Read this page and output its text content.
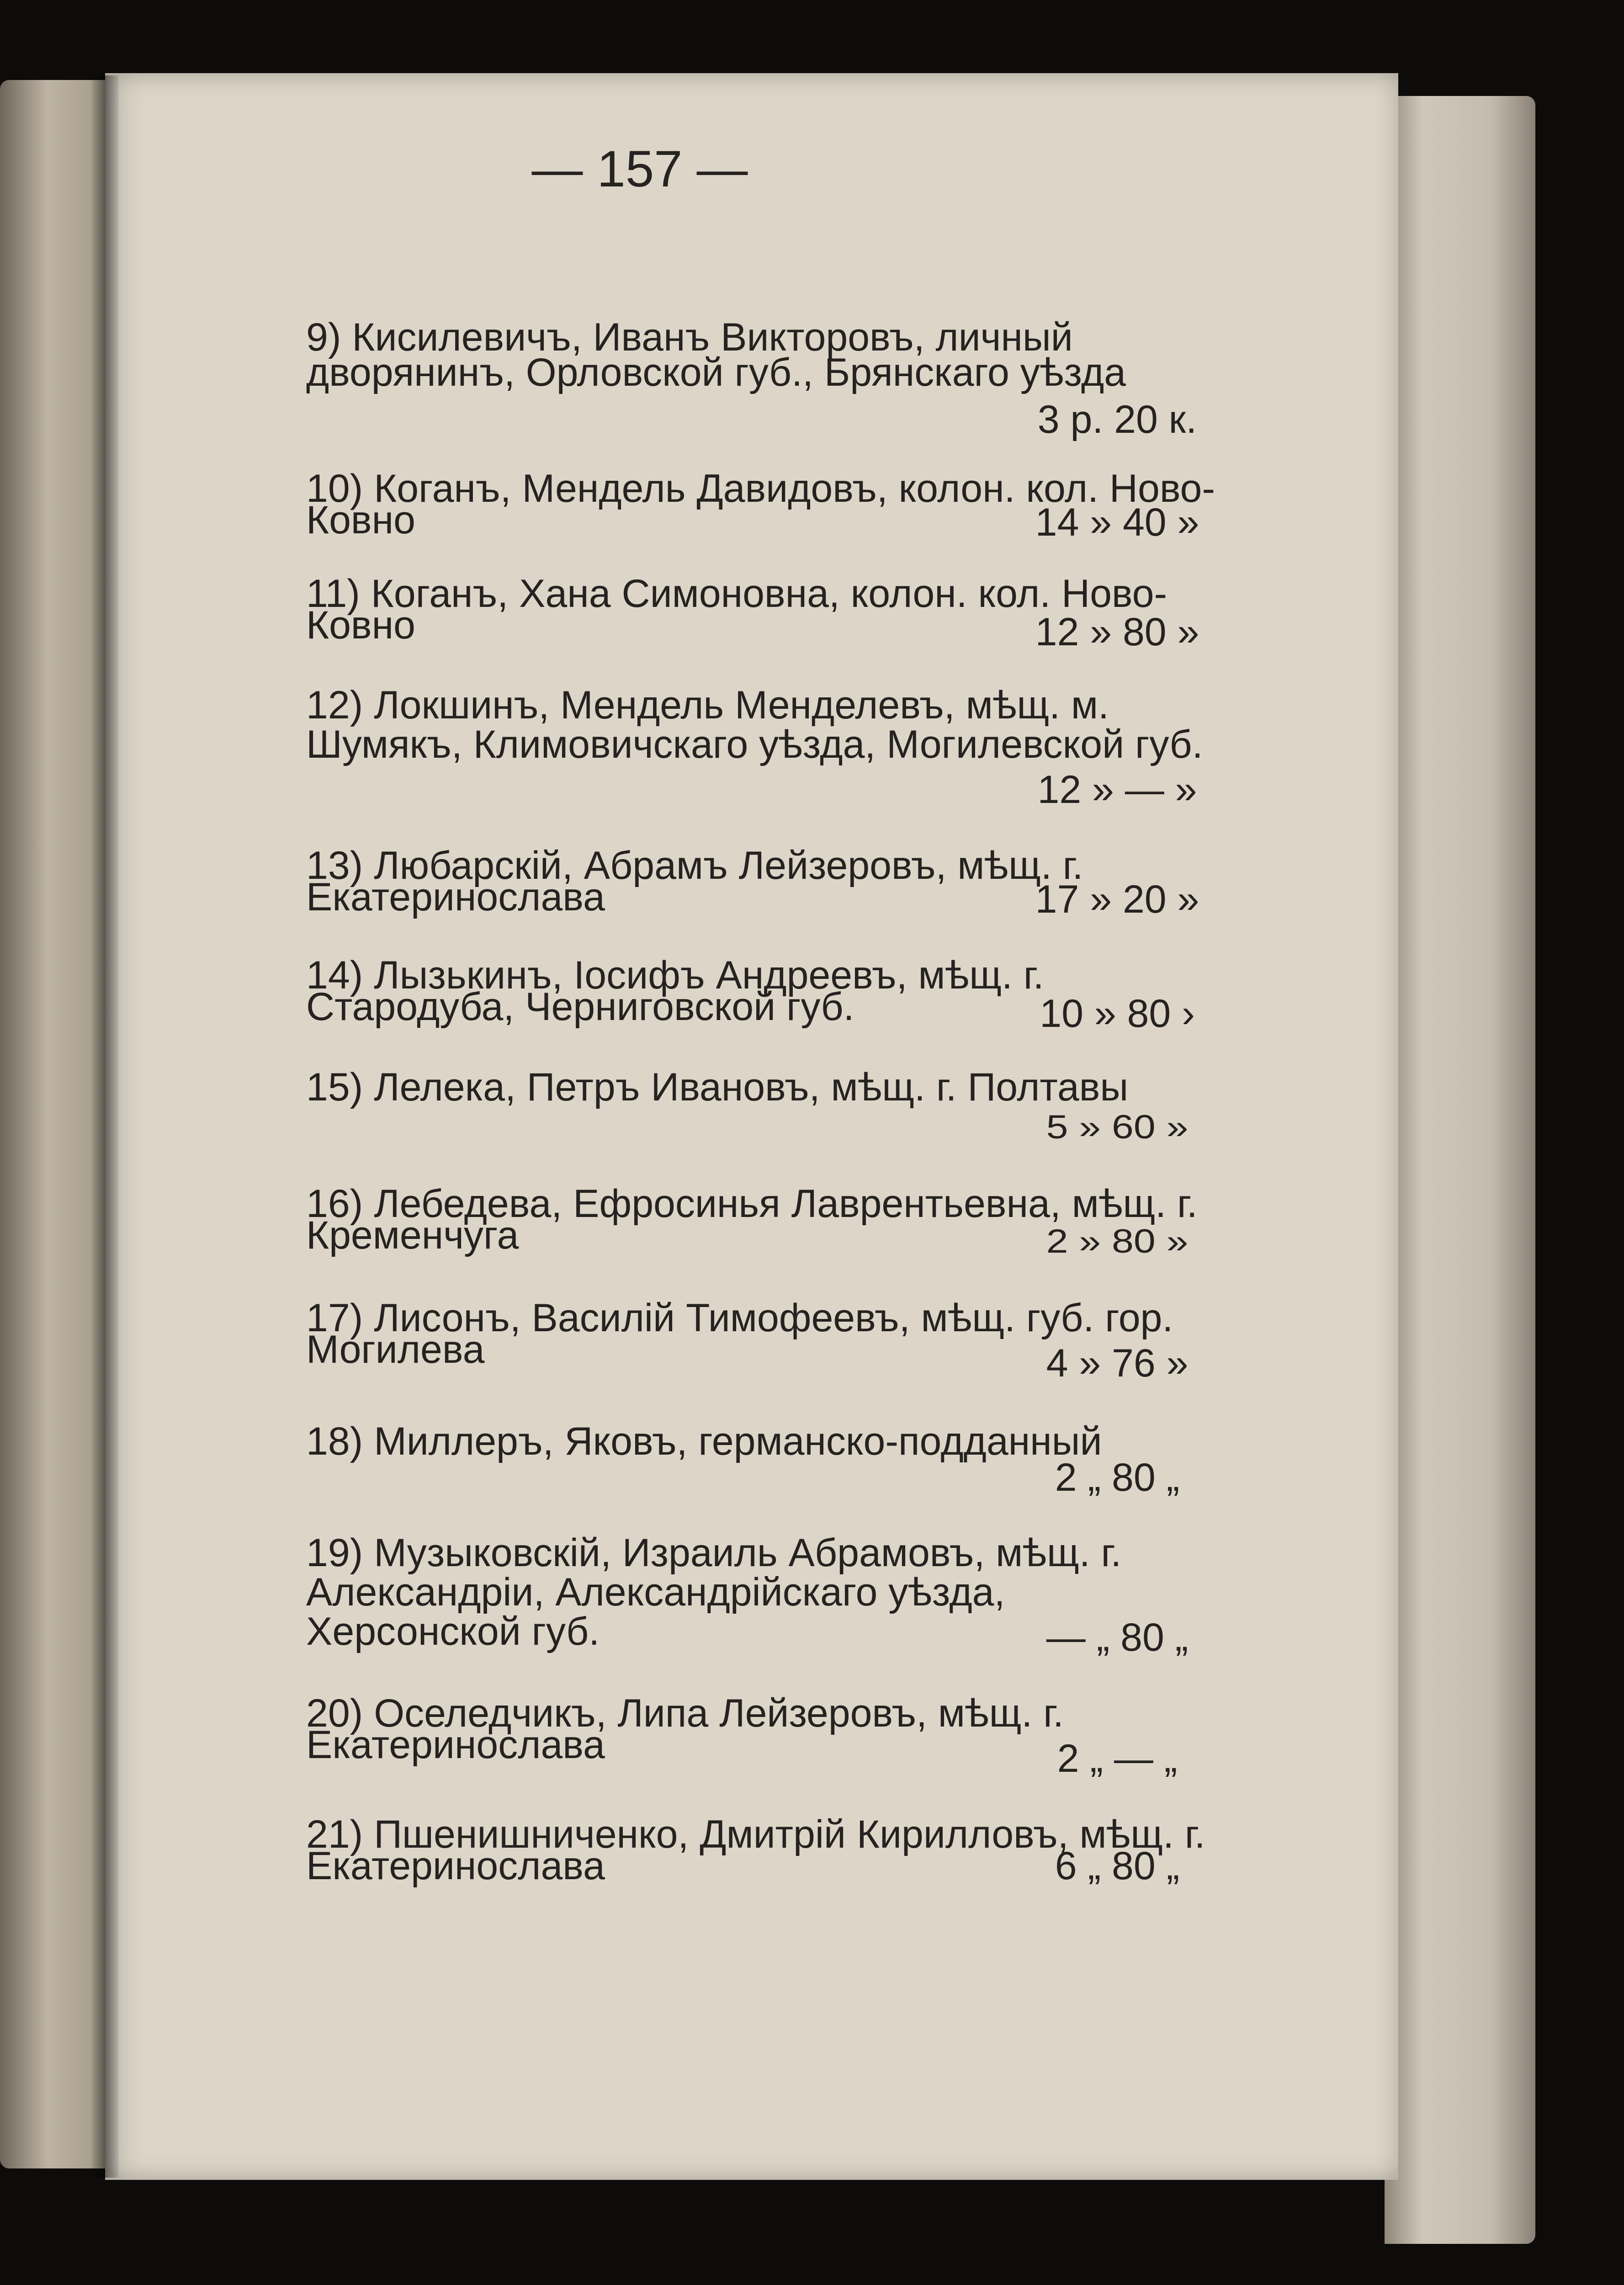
— 157 —
9) Кисилевичъ, Иванъ Викторовъ, личный дворянинъ, Орловской губ., Брянскаго уѣзда
3 р. 20 к.
10) Коганъ, Мендель Давидовъ, колон. кол. Ново-Ковно	14 » 40 »
11) Коганъ, Хана Симоновна, колон. кол. Ново-Ковно	12 » 80 »
12) Локшинъ, Мендель Менделевъ, мѣщ. м. Шумякъ, Климовичскаго уѣзда, Могилевской губ.
12 » — »
13) Любарскій, Абрамъ Лейзеровъ, мѣщ. г. Екатеринослава	17 » 20 »
14) Лызькинъ, Іосифъ Андреевъ, мѣщ. г. Стародуба, Черниговской губ.	10 » 80 ›
15) Лелека, Петръ Ивановъ, мѣщ. г. Полтавы
5 » 60 »
16) Лебедева, Ефросинья Лаврентьевна, мѣщ. г. Кременчуга	2 » 80 »
17) Лисонъ, Василій Тимофеевъ, мѣщ. губ. гор. Могилева	4 » 76 »
18) Миллеръ, Яковъ, германско-подданный
2 „ 80 „
19) Музыковскій, Израиль Абрамовъ, мѣщ. г. Александріи, Александрійскаго уѣзда, Херсонской губ.	— „ 80 „
20) Оселедчикъ, Липа Лейзеровъ, мѣщ. г. Екатеринослава	2 „ — „
21) Пшенишниченко, Дмитрій Кирилловъ, мѣщ. г. Екатеринослава	6 „ 80 „
